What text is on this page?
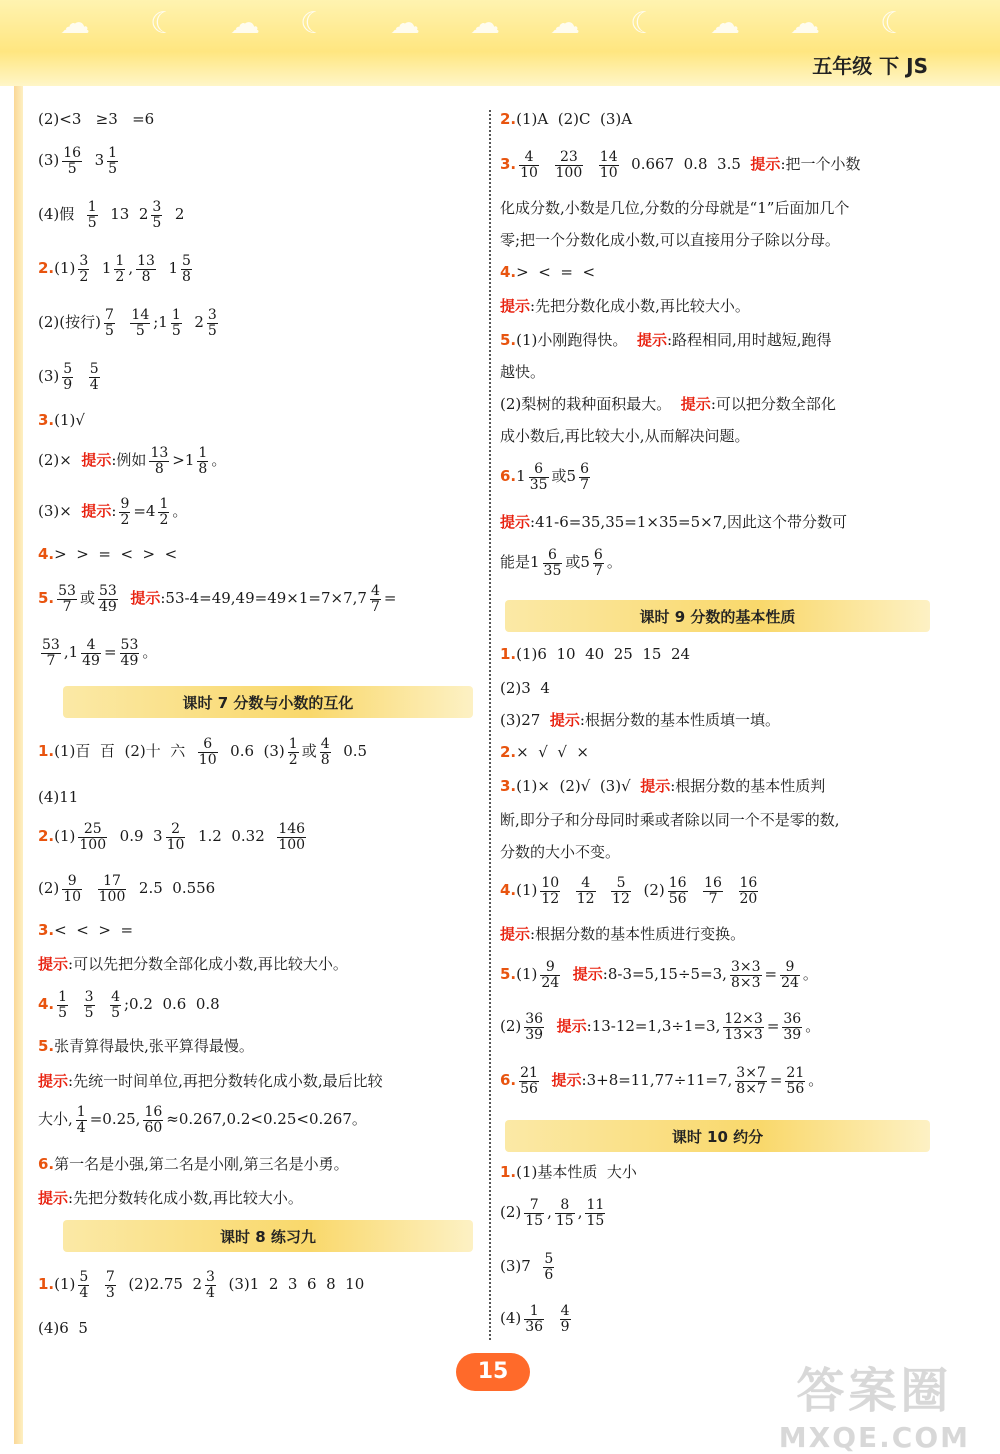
☁ ☾ ☁ ☾ ☁ ☁ ☁ ☾ ☁ ☁ ☾
五年级 下 JS
(2)<3   ≥3   =6
$(3) \frac{16}{5} 3 \frac{1}{5}$
(4)假 $\frac{1}{5} 13$  $2 \frac{3}{5} 2$
$2.(1) \frac{3}{2} 1 \frac{1}{2}$ , $\frac{13}{8} 1 \frac{5}{8}$
(2)(按行) $\frac{7}{5}$
$\frac{14}{5}$ ;1 $\frac{1}{5} 2 \frac{3}{5}$
$(3) \frac{5}{9}$
$\frac{5}{4}$
3.(1)√
(2)×  提示:例如 $\frac{13}{8} >1 \frac{1}{8}$ 。
(3)×  提示: $\frac{9}{2} =4 \frac{1}{2}$ 。
4.>  >  =  <  >  <
5. $\frac{53}{7}$ 或 $\frac{53}{49}$ 提示:53-4=49,49=49×1=7×7,7 $\frac{4}{7}$ =
$\frac{53}{7} ,1 \frac{4}{49} = \frac{53}{49}$ 。
课时 7 分数与小数的互化
1.(1)百  百  (2)十  六 $\frac{6}{10} 0.6$  $(3) \frac{1}{2}$ 或 $\frac{4}{8} 0.5$
(4)11
$2.(1) \frac{25}{100} 0.9$  $3 \frac{2}{10} 1.2$  $0.32 \frac{146}{100}$
$(2) \frac{9}{10}$
$\frac{17}{100} 2.5$  0.556
3.<  <  >  =
提示:可以先把分数全部化成小数,再比较大小。
4. $\frac{1}{5}$
$\frac{3}{5}$
$\frac{4}{5}$ ;0.2  0.6  0.8
5.张青算得最快,张平算得最慢。
提示:先统一时间单位,再把分数转化成小数,最后比较
大小, $\frac{1}{4} =0.25$, $\frac{16}{60} \approx 0.267,0.2<0.25<0.267$。
6.第一名是小强,第二名是小刚,第三名是小勇。
提示:先把分数转化成小数,再比较大小。
课时 8 练习九
$1.(1) \frac{5}{4}$
$\frac{7}{3} (2)2.75$  $2 \frac{3}{4} (3)1$  2  3  6  8  10
(4)6  5
2.(1)A  (2)C  (3)A
3. $\frac{4}{10}$
$\frac{23}{100}$
$\frac{14}{10} 0.667$  0.8  3.5  提示:把一个小数
化成分数,小数是几位,分数的分母就是“1”后面加几个
零;把一个分数化成小数,可以直接用分子除以分母。
4.>  <  =  <
提示:先把分数化成小数,再比较大小。
5.(1)小刚跑得快。  提示:路程相同,用时越短,跑得
越快。
(2)梨树的栽种面积最大。  提示:可以把分数全部化
成小数后,再比较大小,从而解决问题。
$6.1 \frac{6}{35}$ 或$5 \frac{6}{7}$
提示:41-6=35,35=1×35=5×7,因此这个带分数可
能是$1 \frac{6}{35}$ 或$5 \frac{6}{7}$ 。
课时 9 分数的基本性质
1.(1)6  10  40  25  15  24
(2)3  4
(3)27  提示:根据分数的基本性质填一填。
2.×  √  √  ×
3.(1)×  (2)√  (3)√  提示:根据分数的基本性质判
断,即分子和分母同时乘或者除以同一个不是零的数,
分数的大小不变。
$4.(1) \frac{10}{12}$
$\frac{4}{12}$
$\frac{5}{12} (2) \frac{16}{56}$
$\frac{16}{7}$
$\frac{16}{20}$
提示:根据分数的基本性质进行变换。
$5.(1) \frac{9}{24}$ 提示:8-3=5,15÷5=3, $\frac{3\times 3}{8\times 3} = \frac{9}{24}$ 。
$(2) \frac{36}{39}$ 提示:13-12=1,3÷1=3, $\frac{12\times 3}{13\times 3} = \frac{36}{39}$ 。
6. $\frac{21}{56}$ 提示:3+8=11,77÷11=7, $\frac{3\times 7}{8\times 7} = \frac{21}{56}$ 。
课时 10 约分
1.(1)基本性质  大小
$(2) \frac{7}{15}$ , $\frac{8}{15}$ , $\frac{11}{15}$
$(3)7 \frac{5}{6}$
$(4) \frac{1}{36}$
$\frac{4}{9}$
15	答案圈
MXQE.COM
